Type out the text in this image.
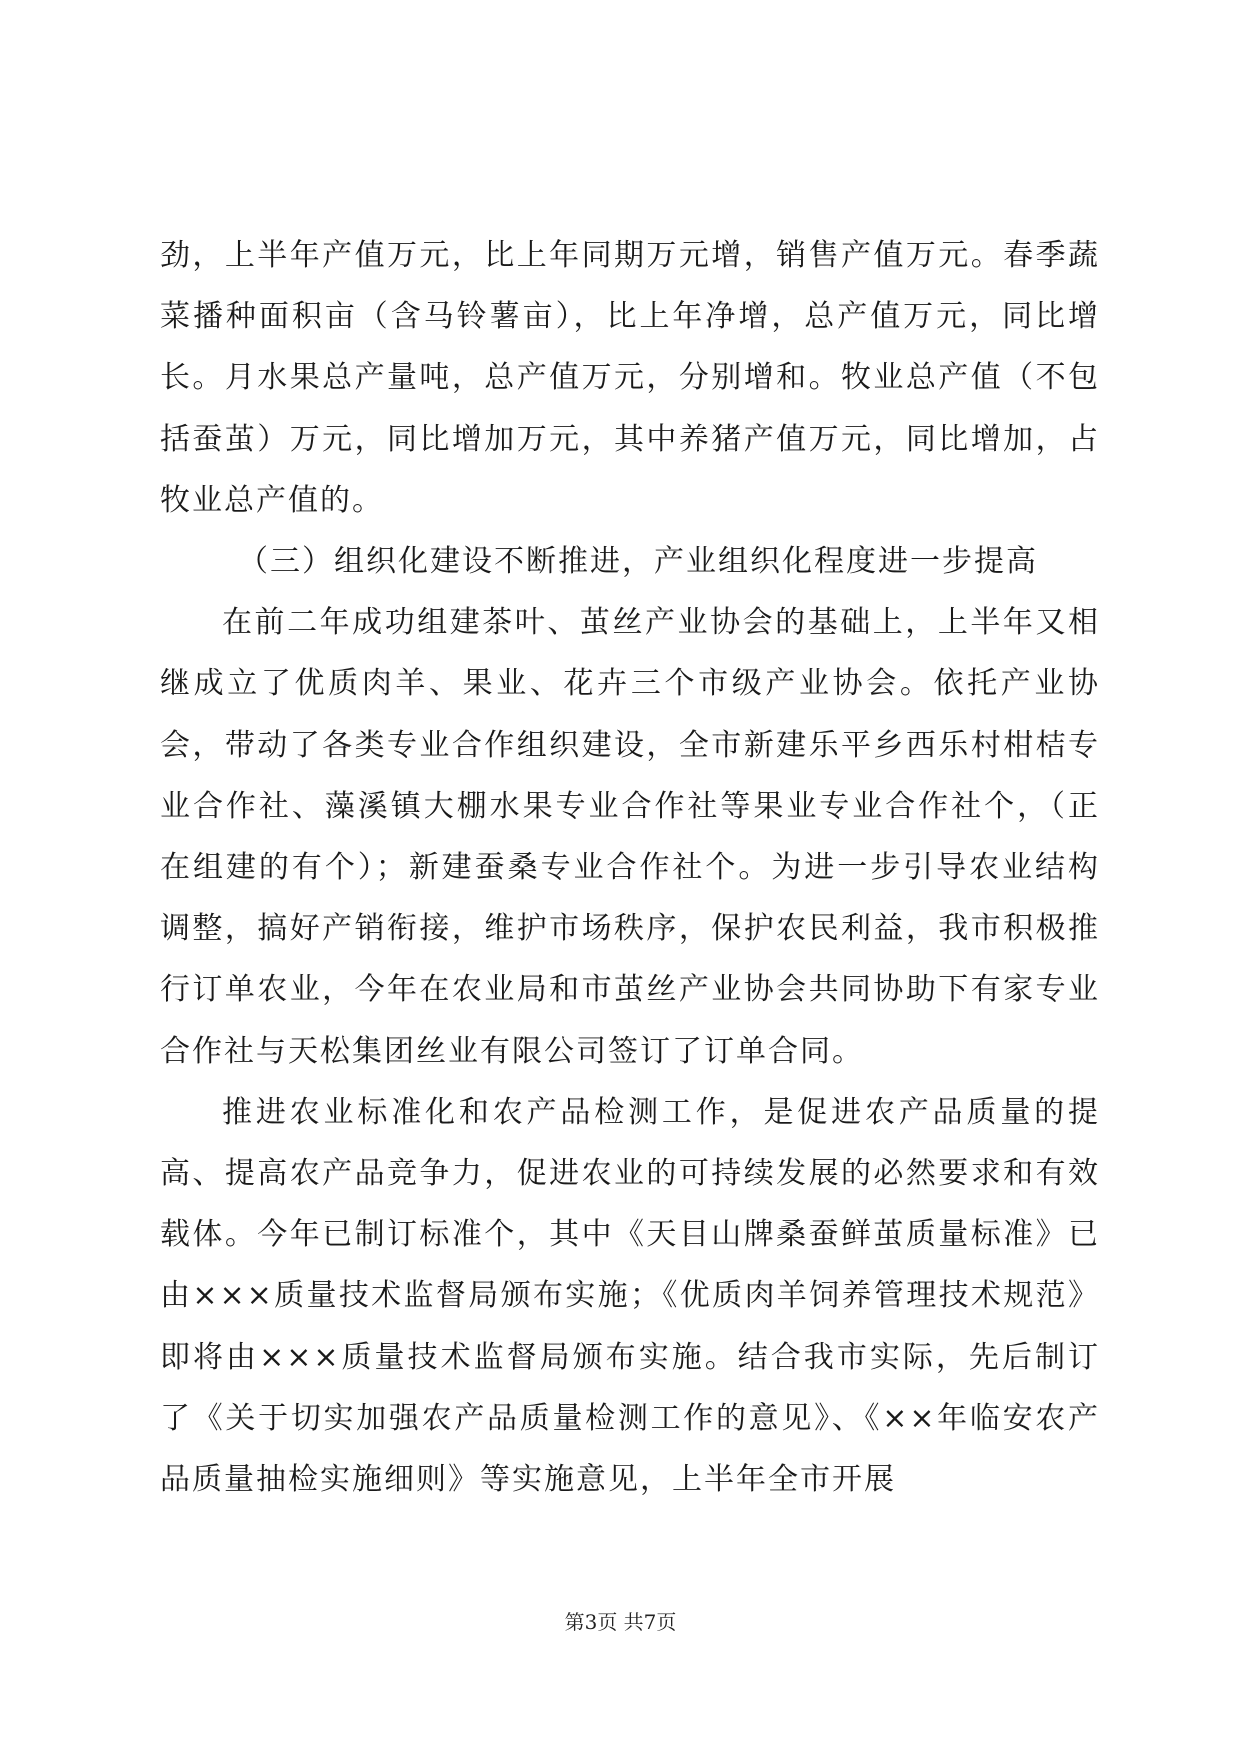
劲，上半年产值万元，比上年同期万元增，销售产值万元。春季蔬菜播种面积亩（含马铃薯亩），比上年净增，总产值万元，同比增长。月水果总产量吨，总产值万元，分别增和。牧业总产值（不包括蚕茧）万元，同比增加万元，其中养猪产值万元，同比增加，占牧业总产值的。

（三）组织化建设不断推进，产业组织化程度进一步提高

在前二年成功组建茶叶、茧丝产业协会的基础上，上半年又相继成立了优质肉羊、果业、花卉三个市级产业协会。依托产业协会，带动了各类专业合作组织建设，全市新建乐平乡西乐村柑桔专业合作社、藻溪镇大棚水果专业合作社等果业专业合作社个，（正在组建的有个）；新建蚕桑专业合作社个。为进一步引导农业结构调整，搞好产销衔接，维护市场秩序，保护农民利益，我市积极推行订单农业，今年在农业局和市茧丝产业协会共同协助下有家专业合作社与天松集团丝业有限公司签订了订单合同。

推进农业标准化和农产品检测工作，是促进农产品质量的提高、提高农产品竞争力，促进农业的可持续发展的必然要求和有效载体。今年已制订标准个，其中《天目山牌桑蚕鲜茧质量标准》已由×××质量技术监督局颁布实施；《优质肉羊饲养管理技术规范》即将由×××质量技术监督局颁布实施。结合我市实际，先后制订了《关于切实加强农产品质量检测工作的意见》、《××年临安农产品质量抽检实施细则》等实施意见，上半年全市开展

第3页 共7页
